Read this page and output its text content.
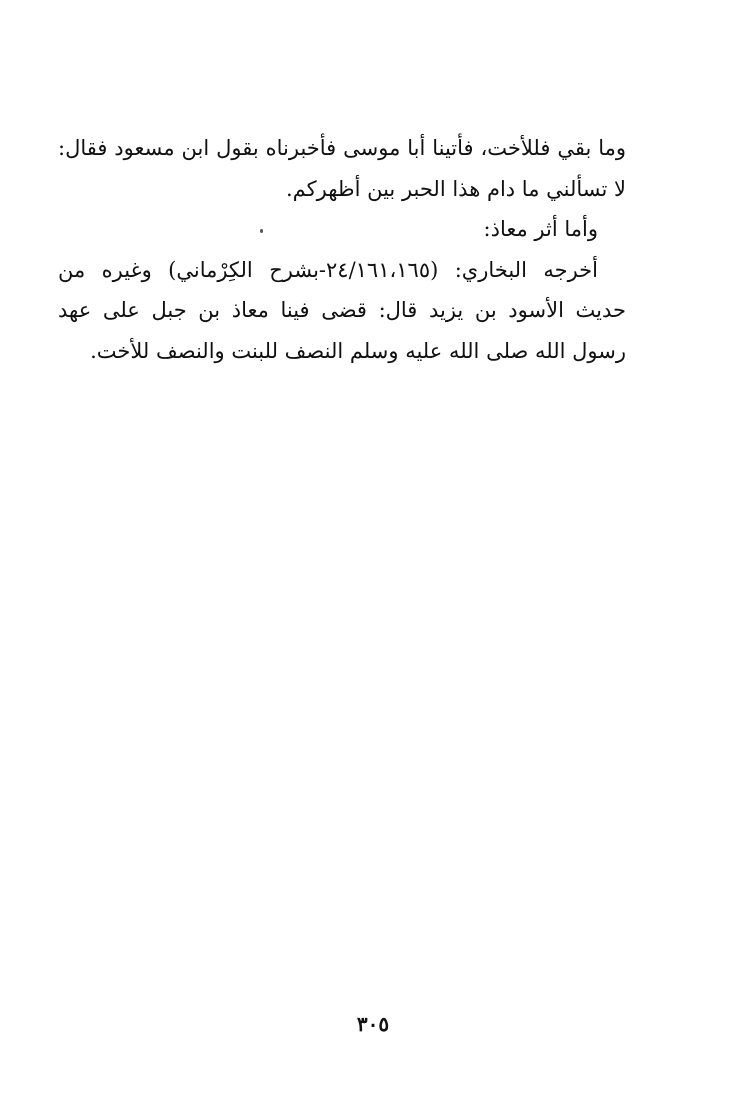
وما بقي فللأخت، فأتينا أبا موسى فأخبرناه بقول ابن مسعود فقال:
لا تسألني ما دام هذا الحبر بين أظهركم.
وأما أثر معاذ:
أخرجه البخاري: (٢٤/١٦١،١٦٥-بشرح الكِرْماني) وغيره من
حديث الأسود بن يزيد قال: قضى فينا معاذ بن جبل على عهد
رسول الله صلى الله عليه وسلم النصف للبنت والنصف للأخت.
٣٠٥
